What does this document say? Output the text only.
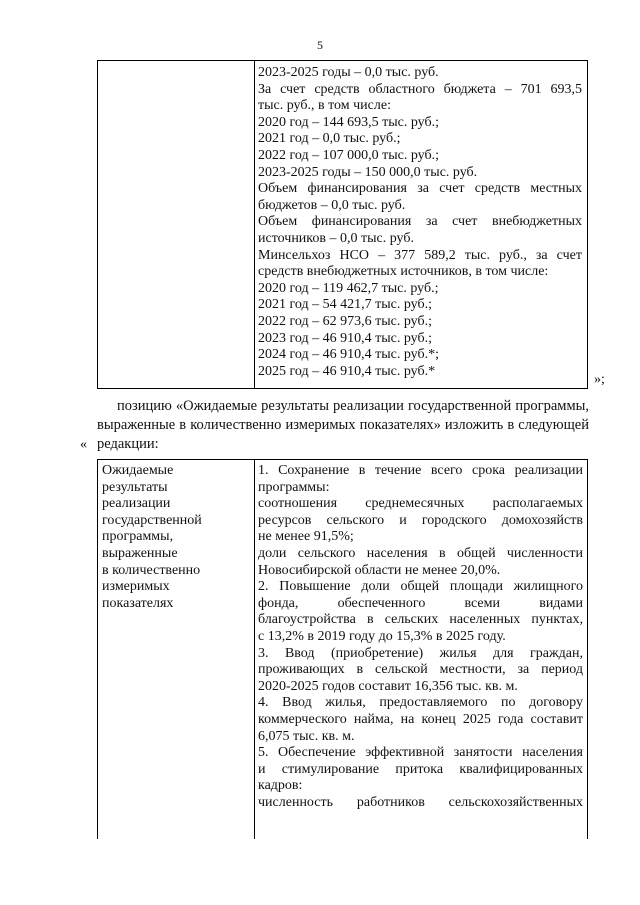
5
2023-2025 годы – 0,0 тыс. руб.
За счет средств областного бюджета – 701 693,5
тыс. руб., в том числе:
2020 год – 144 693,5 тыс. руб.;
2021 год – 0,0 тыс. руб.;
2022 год – 107 000,0 тыс. руб.;
2023-2025 годы – 150 000,0 тыс. руб.
Объем финансирования за счет средств местных
бюджетов – 0,0 тыс. руб.
Объем финансирования за счет внебюджетных
источников – 0,0 тыс. руб.
Минсельхоз НСО – 377 589,2 тыс. руб., за счет
средств внебюджетных источников, в том числе:
2020 год – 119 462,7 тыс. руб.;
2021 год – 54 421,7 тыс. руб.;
2022 год – 62 973,6 тыс. руб.;
2023 год – 46 910,4 тыс. руб.;
2024 год – 46 910,4 тыс. руб.*;
2025 год – 46 910,4 тыс. руб.*
»;
позицию «Ожидаемые результаты реализации государственной программы,
выраженные в количественно измеримых показателях» изложить в следующей
редакции:
«
Ожидаемые
результаты
реализации
государственной
программы,
выраженные
в количественно
измеримых
показателях
1. Сохранение в течение всего срока реализации
программы:
соотношения среднемесячных располагаемых
ресурсов сельского и городского домохозяйств
не менее 91,5%;
доли сельского населения в общей численности
Новосибирской области не менее 20,0%.
2. Повышение доли общей площади жилищного
фонда, обеспеченного всеми видами
благоустройства в сельских населенных пунктах,
с 13,2% в 2019 году до 15,3% в 2025 году.
3. Ввод (приобретение) жилья для граждан,
проживающих в сельской местности, за период
2020-2025 годов составит 16,356 тыс. кв. м.
4. Ввод жилья, предоставляемого по договору
коммерческого найма, на конец 2025 года составит
6,075 тыс. кв. м.
5. Обеспечение эффективной занятости населения
и стимулирование притока квалифицированных
кадров:
численность работников сельскохозяйственных
